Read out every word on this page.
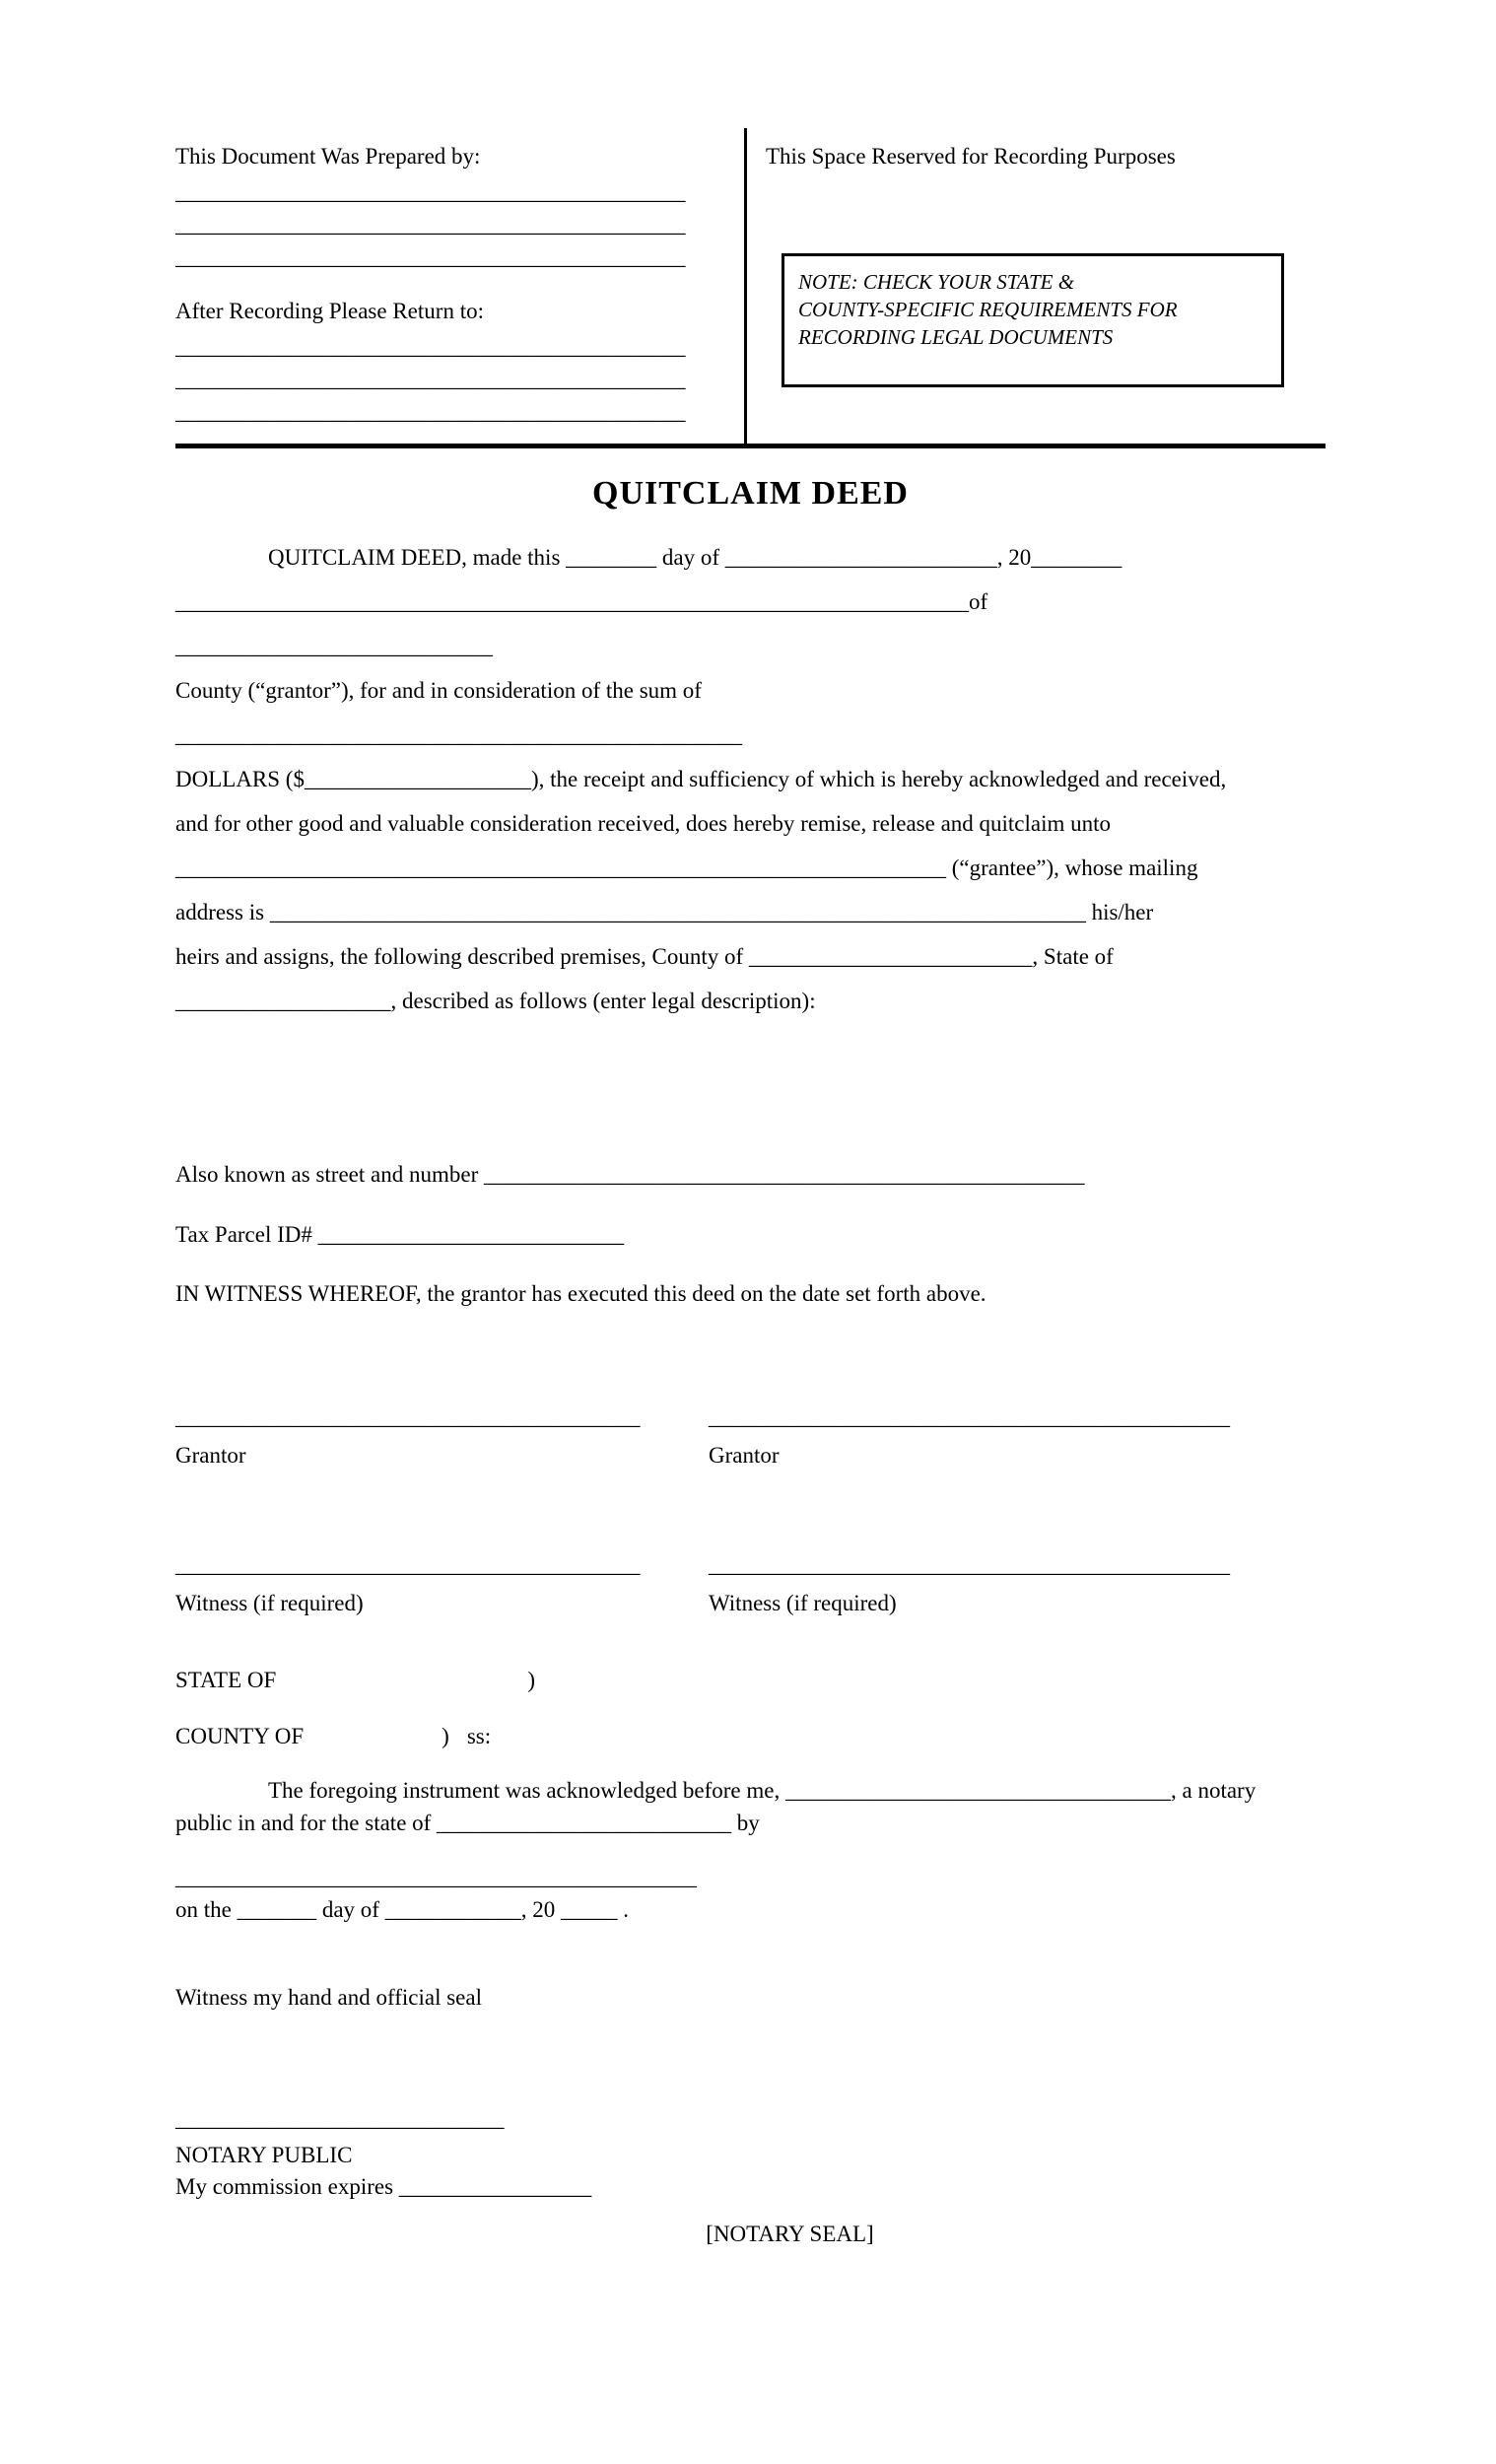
This Document Was Prepared by:
_____________________________________________
_____________________________________________
_____________________________________________
After Recording Please Return to:
_____________________________________________
_____________________________________________
_____________________________________________
This Space Reserved for Recording Purposes
NOTE: CHECK YOUR STATE &
COUNTY-SPECIFIC REQUIREMENTS FOR
RECORDING LEGAL DOCUMENTS
QUITCLAIM DEED
QUITCLAIM DEED, made this ________ day of ________________________, 20________
______________________________________________________________________of
____________________________
County (“grantor”), for and in consideration of the sum of
__________________________________________________
DOLLARS ($____________________), the receipt and sufficiency of which is hereby acknowledged and received,
and for other good and valuable consideration received, does hereby remise, release and quitclaim unto
____________________________________________________________________ (“grantee”), whose mailing
address is ________________________________________________________________________ his/her
heirs and assigns, the following described premises, County of _________________________, State of
___________________, described as follows (enter legal description):
Also known as street and number _____________________________________________________
Tax Parcel ID# ___________________________
IN WITNESS WHEREOF, the grantor has executed this deed on the date set forth above.
_________________________________________
Grantor
______________________________________________
Grantor
_________________________________________
Witness (if required)
______________________________________________
Witness (if required)
STATE OF	)
COUNTY OF	) ss:
The foregoing instrument was acknowledged before me, __________________________________, a notary
public in and for the state of __________________________ by
______________________________________________
on the _______ day of ____________, 20 _____ .
Witness my hand and official seal
_____________________________
NOTARY PUBLIC
My commission expires _________________
[NOTARY SEAL]
